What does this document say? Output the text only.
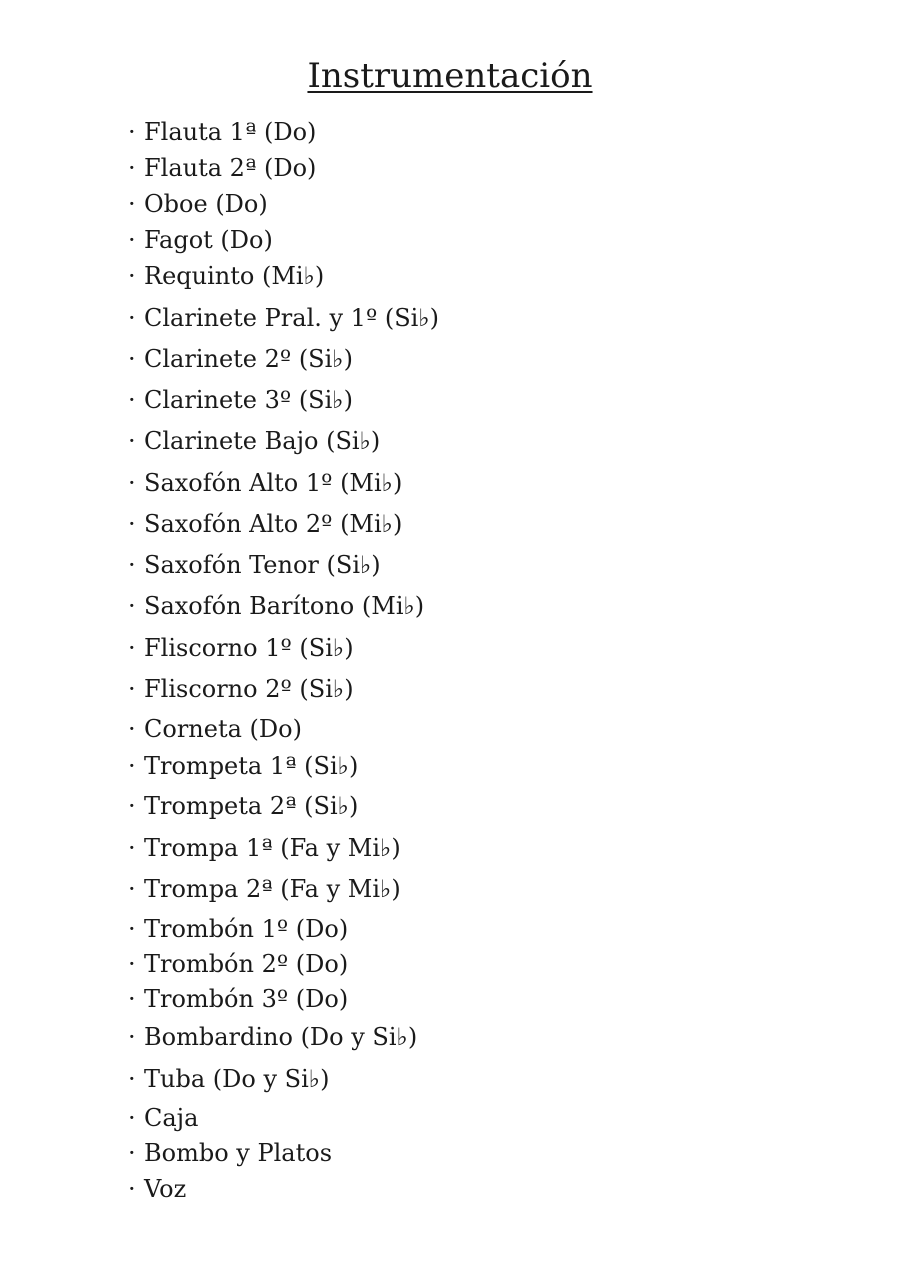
Instrumentación
· Flauta 1ª (Do)
· Flauta 2ª (Do)
· Oboe (Do)
· Fagot (Do)
· Requinto (Mi♭)
· Clarinete Pral. y 1º (Si♭)
· Clarinete 2º (Si♭)
· Clarinete 3º (Si♭)
· Clarinete Bajo (Si♭)
· Saxofón Alto 1º (Mi♭)
· Saxofón Alto 2º (Mi♭)
· Saxofón Tenor (Si♭)
· Saxofón Barítono (Mi♭)
· Fliscorno 1º (Si♭)
· Fliscorno 2º (Si♭)
· Corneta (Do)
· Trompeta 1ª (Si♭)
· Trompeta 2ª (Si♭)
· Trompa 1ª (Fa y Mi♭)
· Trompa 2ª (Fa y Mi♭)
· Trombón 1º (Do)
· Trombón 2º (Do)
· Trombón 3º (Do)
· Bombardino (Do y Si♭)
· Tuba (Do y Si♭)
· Caja
· Bombo y Platos
· Voz
